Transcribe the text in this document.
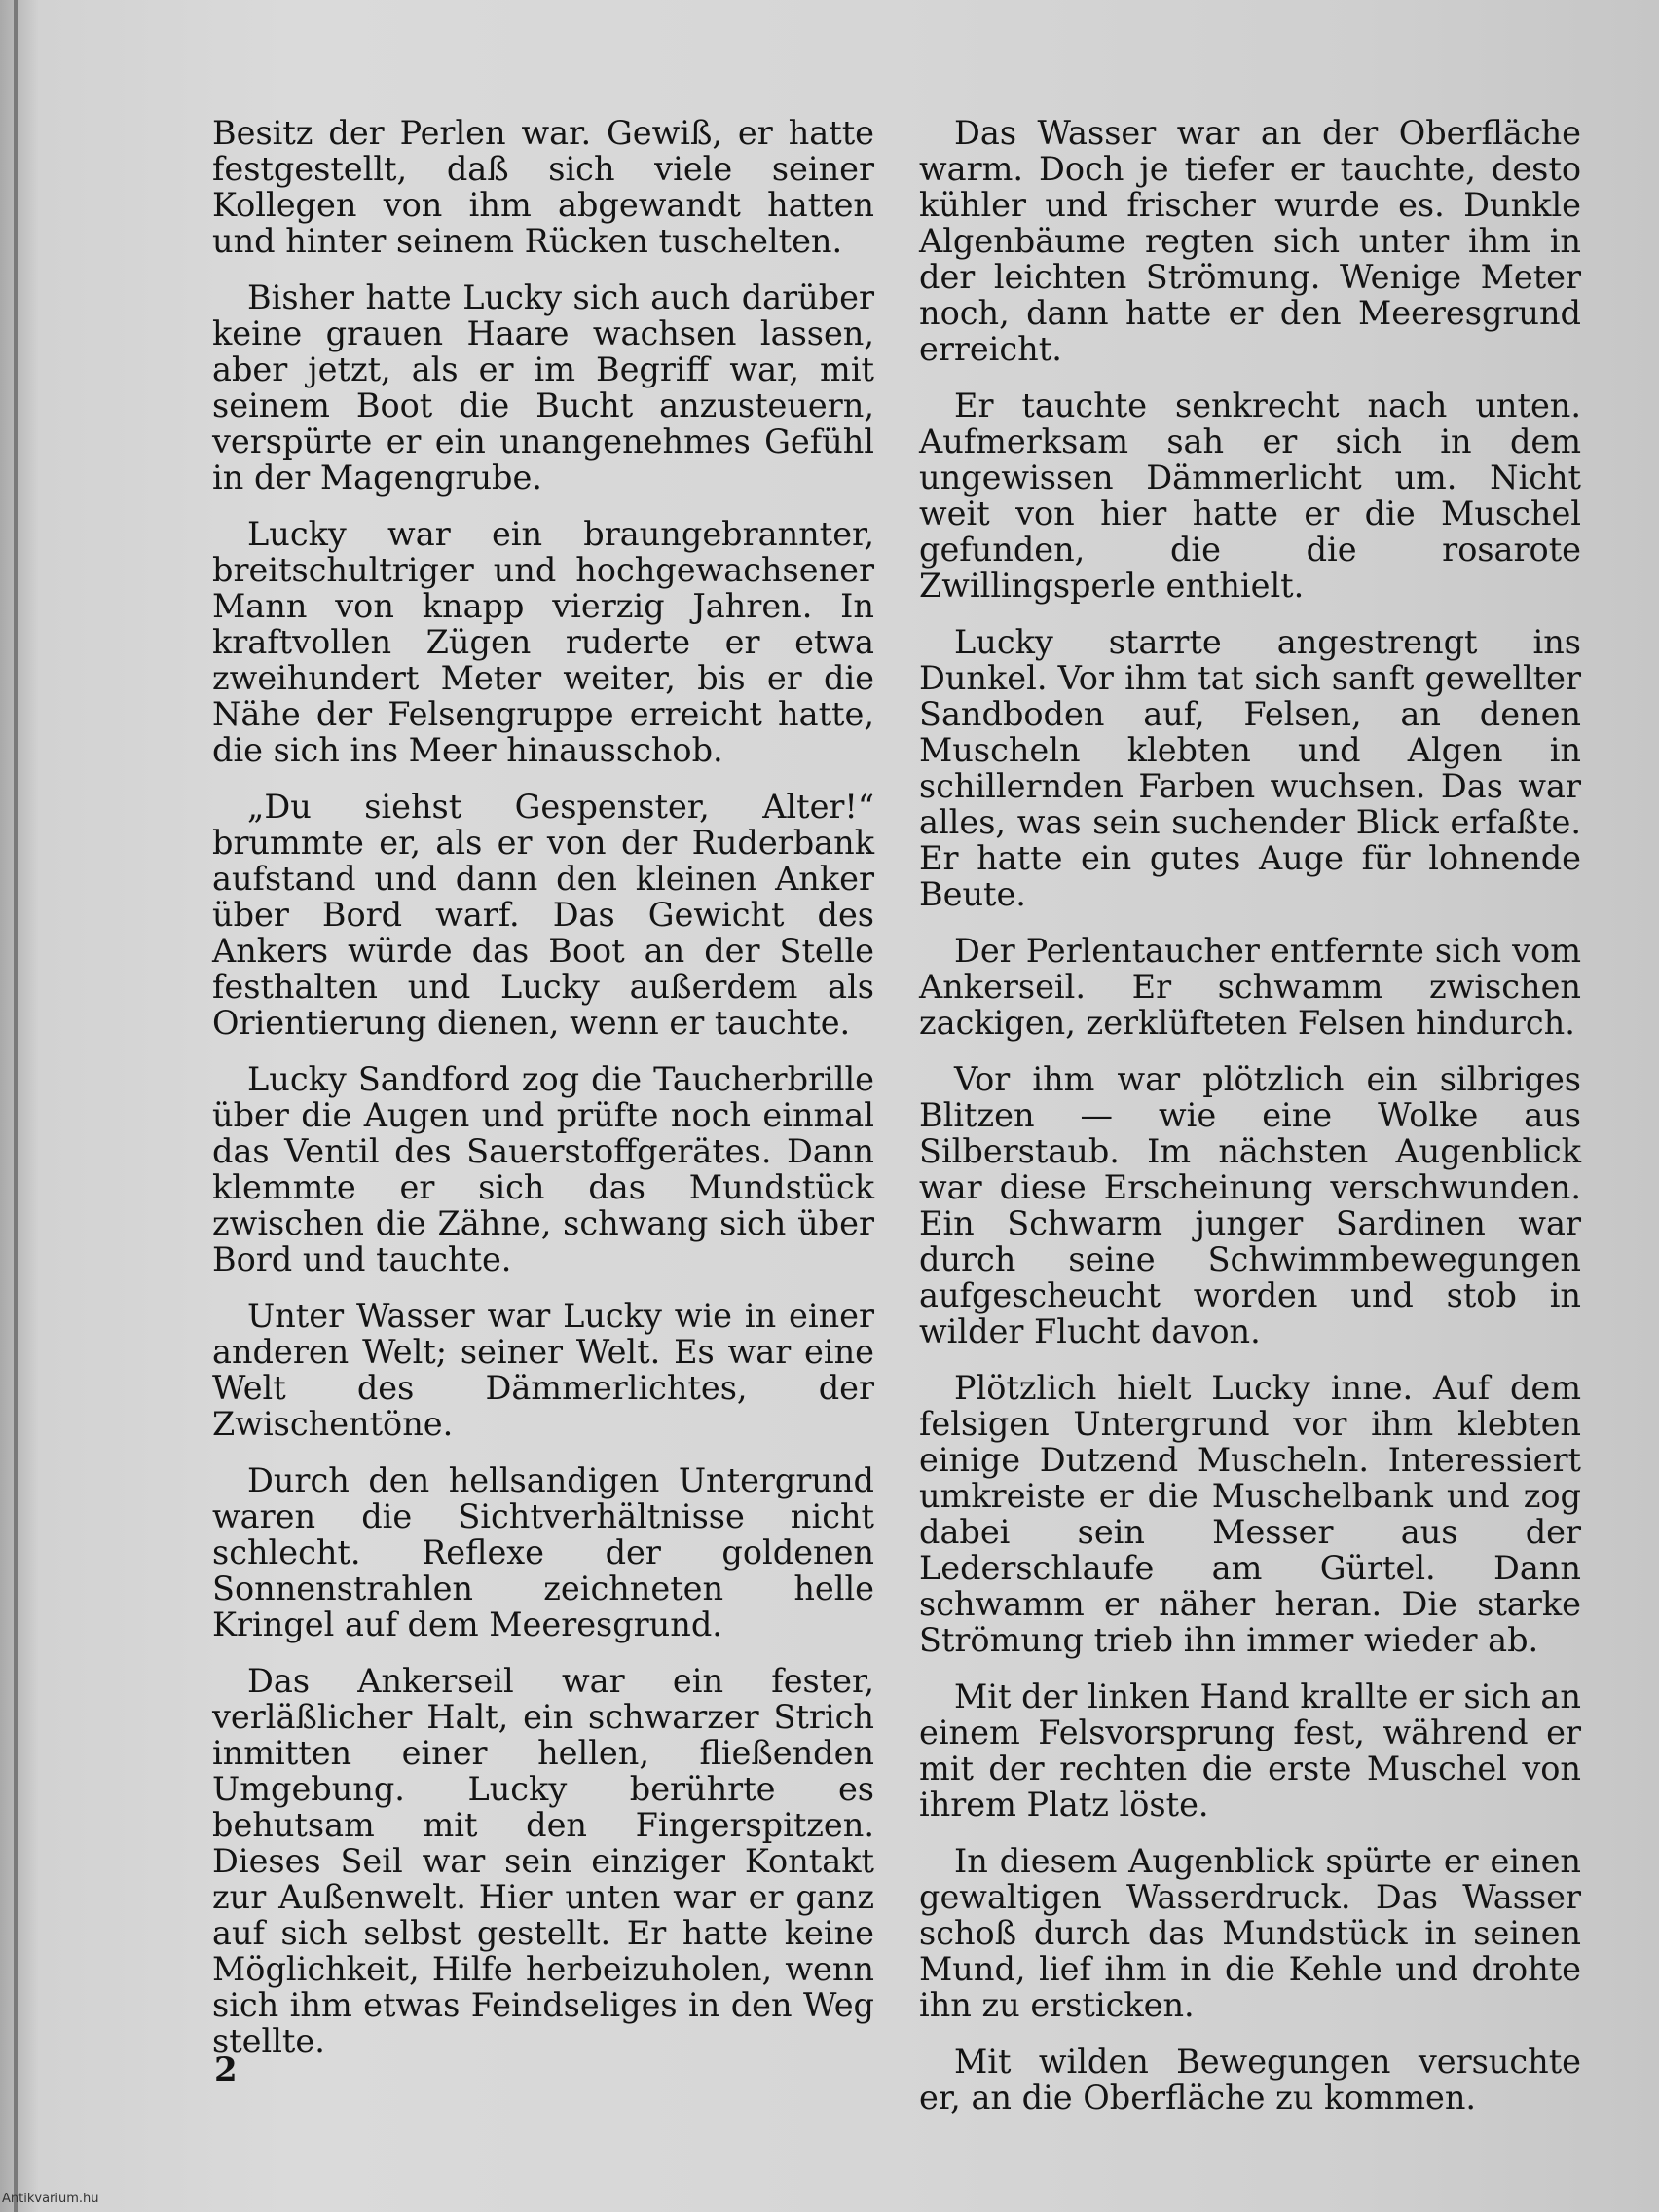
Besitz der Perlen war. Gewiß, er hatte festgestellt, daß sich viele seiner Kollegen von ihm abgewandt hatten und hinter seinem Rücken tuschelten.

Bisher hatte Lucky sich auch darüber keine grauen Haare wachsen lassen, aber jetzt, als er im Begriff war, mit seinem Boot die Bucht anzusteuern, verspürte er ein unangenehmes Gefühl in der Magengrube.

Lucky war ein braungebrannter, breitschultriger und hochgewachsener Mann von knapp vierzig Jahren. In kraftvollen Zügen ruderte er etwa zweihundert Meter weiter, bis er die Nähe der Felsengruppe erreicht hatte, die sich ins Meer hinausschob.

„Du siehst Gespenster, Alter!“ brummte er, als er von der Ruderbank aufstand und dann den kleinen Anker über Bord warf. Das Gewicht des Ankers würde das Boot an der Stelle festhalten und Lucky außerdem als Orientierung dienen, wenn er tauchte.

Lucky Sandford zog die Taucherbrille über die Augen und prüfte noch einmal das Ventil des Sauerstoffgerätes. Dann klemmte er sich das Mundstück zwischen die Zähne, schwang sich über Bord und tauchte.

Unter Wasser war Lucky wie in einer anderen Welt; seiner Welt. Es war eine Welt des Dämmerlichtes, der Zwischentöne.

Durch den hellsandigen Untergrund waren die Sichtverhältnisse nicht schlecht. Reflexe der goldenen Sonnenstrahlen zeichneten helle Kringel auf dem Meeresgrund.

Das Ankerseil war ein fester, verläßlicher Halt, ein schwarzer Strich inmitten einer hellen, fließenden Umgebung. Lucky berührte es behutsam mit den Fingerspitzen. Dieses Seil war sein einziger Kontakt zur Außenwelt. Hier unten war er ganz auf sich selbst gestellt. Er hatte keine Möglichkeit, Hilfe herbeizuholen, wenn sich ihm etwas Feindseliges in den Weg stellte.

Das Wasser war an der Oberfläche warm. Doch je tiefer er tauchte, desto kühler und frischer wurde es. Dunkle Algenbäume regten sich unter ihm in der leichten Strömung. Wenige Meter noch, dann hatte er den Meeresgrund erreicht.

Er tauchte senkrecht nach unten. Aufmerksam sah er sich in dem ungewissen Dämmerlicht um. Nicht weit von hier hatte er die Muschel gefunden, die die rosarote Zwillingsperle enthielt.

Lucky starrte angestrengt ins Dunkel. Vor ihm tat sich sanft gewellter Sandboden auf, Felsen, an denen Muscheln klebten und Algen in schillernden Farben wuchsen. Das war alles, was sein suchender Blick erfaßte. Er hatte ein gutes Auge für lohnende Beute.

Der Perlentaucher entfernte sich vom Ankerseil. Er schwamm zwischen zackigen, zerklüfteten Felsen hindurch.

Vor ihm war plötzlich ein silbriges Blitzen — wie eine Wolke aus Silberstaub. Im nächsten Augenblick war diese Erscheinung verschwunden. Ein Schwarm junger Sardinen war durch seine Schwimmbewegungen aufgescheucht worden und stob in wilder Flucht davon.

Plötzlich hielt Lucky inne. Auf dem felsigen Untergrund vor ihm klebten einige Dutzend Muscheln. Interessiert umkreiste er die Muschelbank und zog dabei sein Messer aus der Lederschlaufe am Gürtel. Dann schwamm er näher heran. Die starke Strömung trieb ihn immer wieder ab.

Mit der linken Hand krallte er sich an einem Felsvorsprung fest, während er mit der rechten die erste Muschel von ihrem Platz löste.

In diesem Augenblick spürte er einen gewaltigen Wasserdruck. Das Wasser schoß durch das Mundstück in seinen Mund, lief ihm in die Kehle und drohte ihn zu ersticken.

Mit wilden Bewegungen versuchte er, an die Oberfläche zu kommen.

2
Antikvarium.hu
